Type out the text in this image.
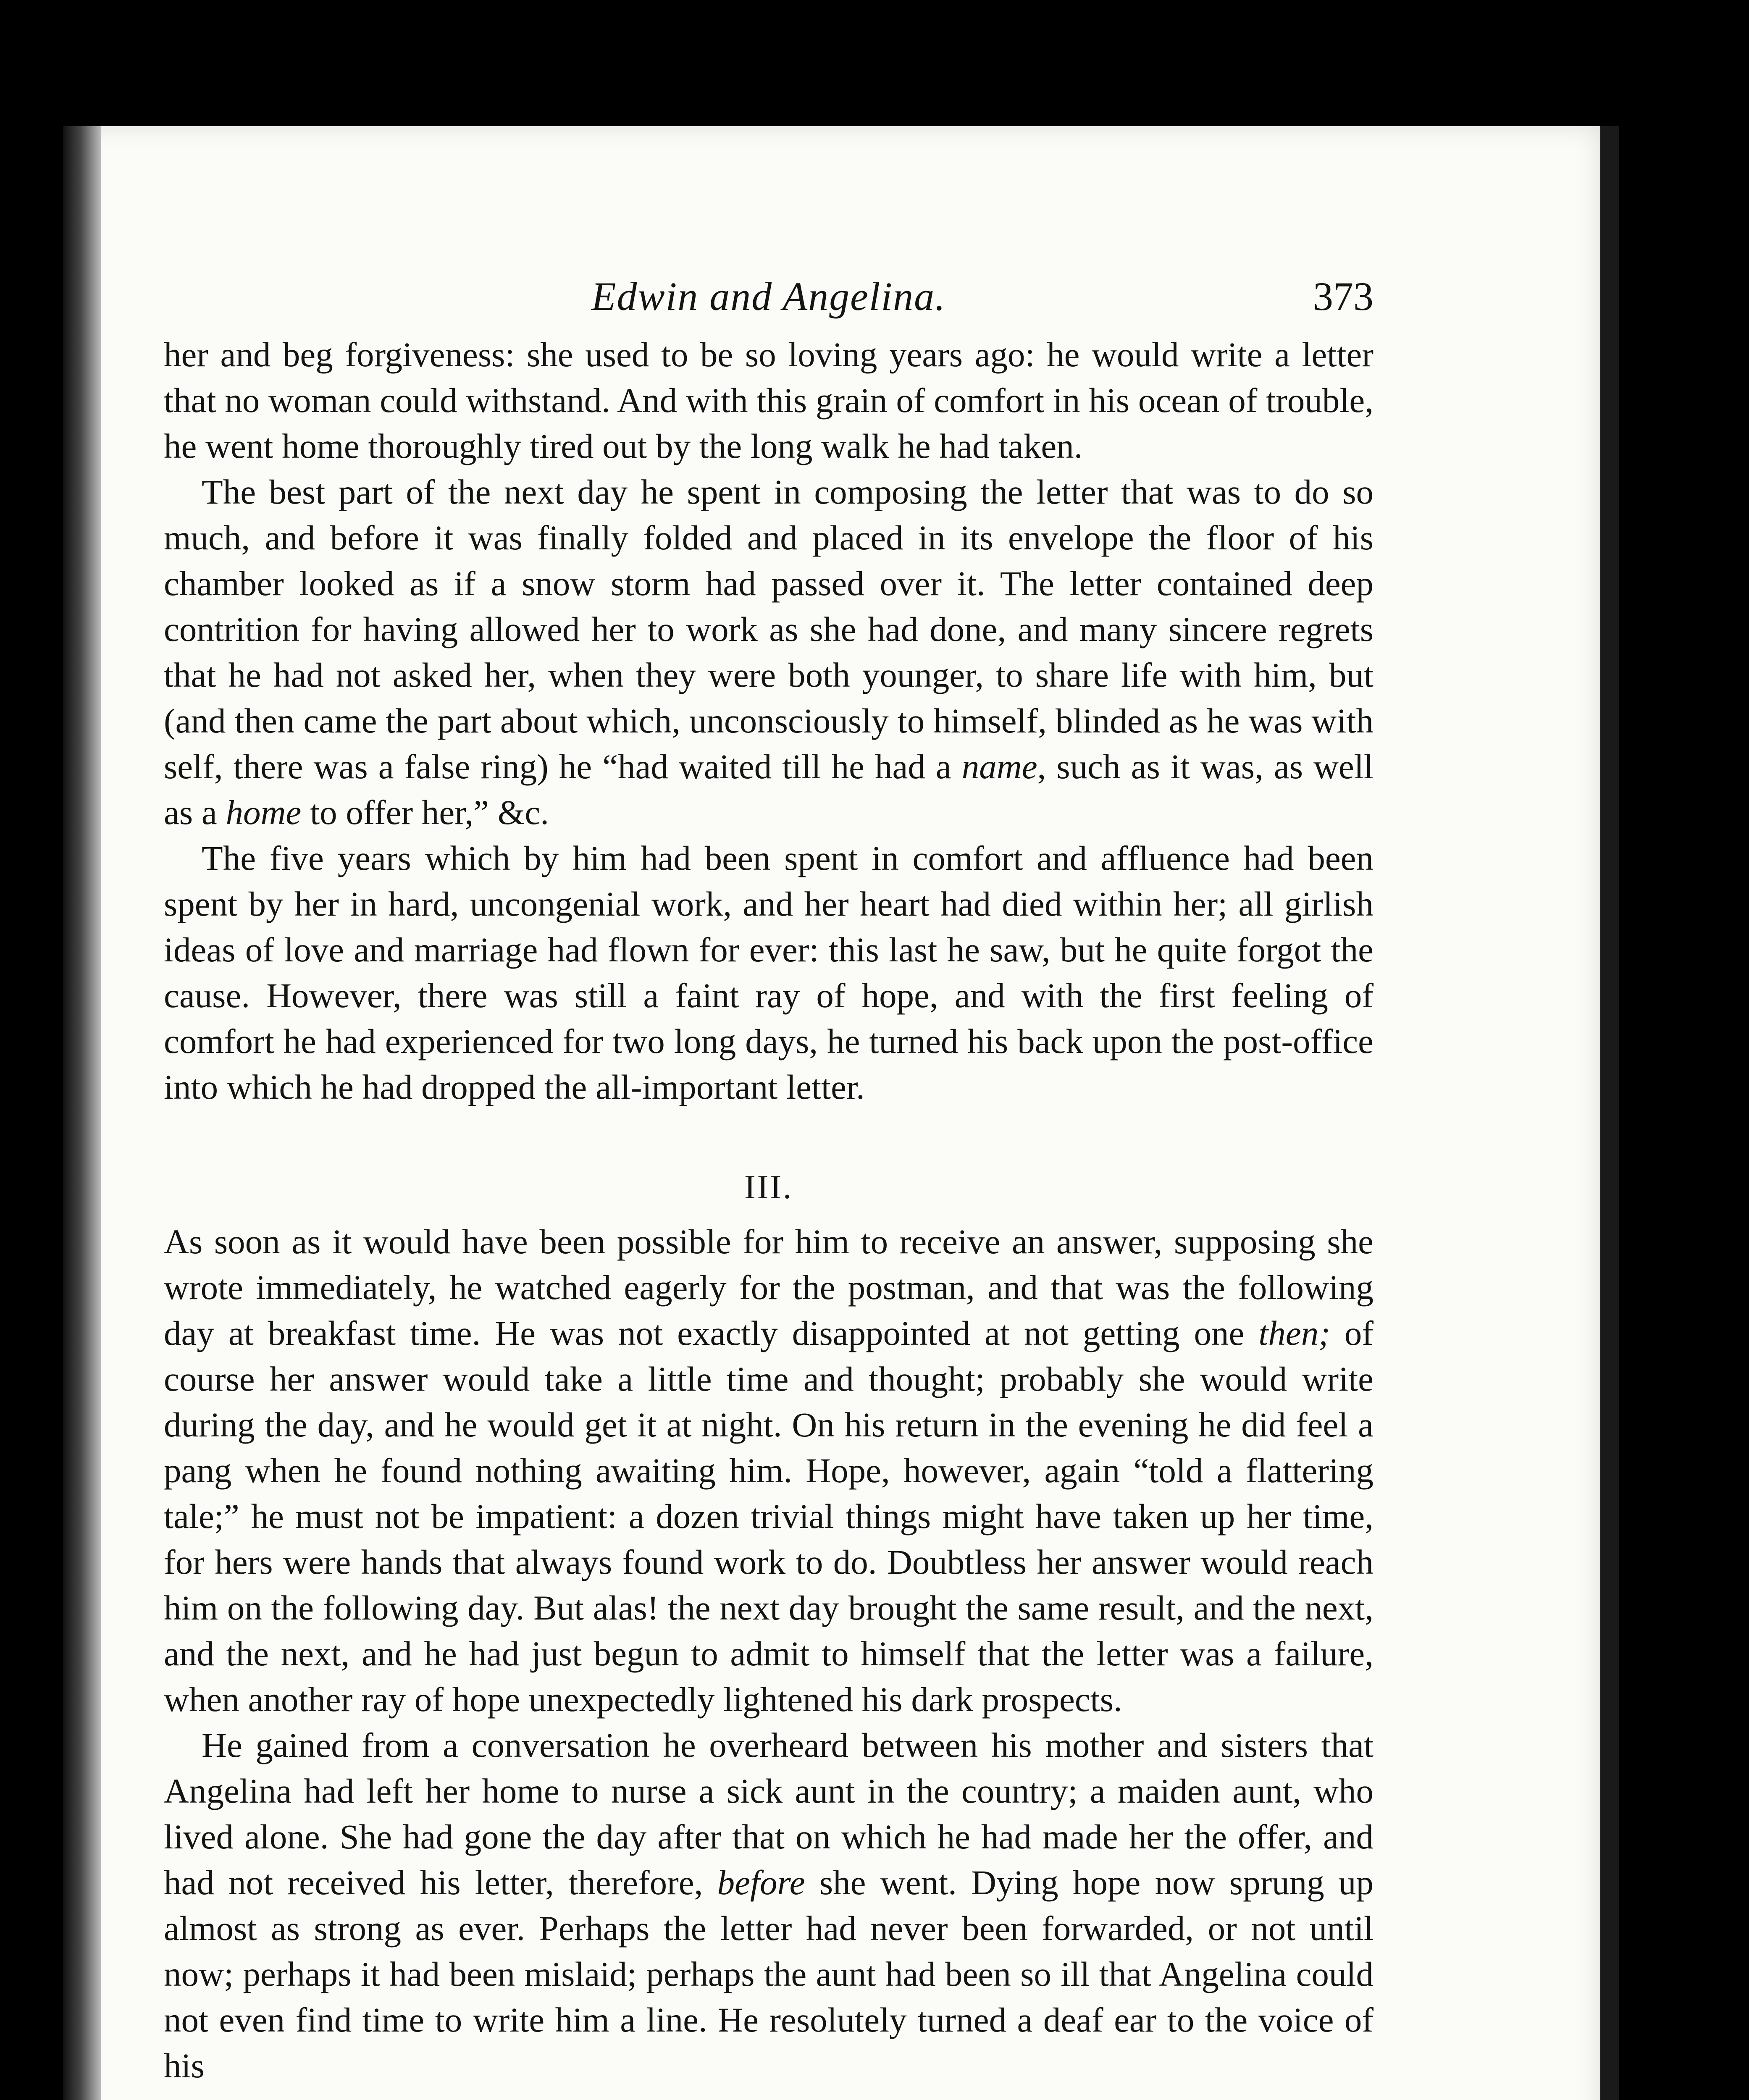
Edwin and Angelina.	373

her and beg forgiveness: she used to be so loving years ago: he would write a letter that no woman could withstand. And with this grain of comfort in his ocean of trouble, he went home thoroughly tired out by the long walk he had taken.

The best part of the next day he spent in composing the letter that was to do so much, and before it was finally folded and placed in its envelope the floor of his chamber looked as if a snow storm had passed over it. The letter contained deep contrition for having allowed her to work as she had done, and many sincere regrets that he had not asked her, when they were both younger, to share life with him, but (and then came the part about which, unconsciously to himself, blinded as he was with self, there was a false ring) he “had waited till he had a name, such as it was, as well as a home to offer her,” &c.

The five years which by him had been spent in comfort and affluence had been spent by her in hard, uncongenial work, and her heart had died within her; all girlish ideas of love and marriage had flown for ever: this last he saw, but he quite forgot the cause. However, there was still a faint ray of hope, and with the first feeling of comfort he had experienced for two long days, he turned his back upon the post-office into which he had dropped the all-important letter.

III.

As soon as it would have been possible for him to receive an answer, supposing she wrote immediately, he watched eagerly for the postman, and that was the following day at breakfast time. He was not exactly disappointed at not getting one then; of course her answer would take a little time and thought; probably she would write during the day, and he would get it at night. On his return in the evening he did feel a pang when he found nothing awaiting him. Hope, however, again “told a flattering tale;” he must not be impatient: a dozen trivial things might have taken up her time, for hers were hands that always found work to do. Doubtless her answer would reach him on the following day. But alas! the next day brought the same result, and the next, and the next, and he had just begun to admit to himself that the letter was a failure, when another ray of hope unexpectedly lightened his dark prospects.

He gained from a conversation he overheard between his mother and sisters that Angelina had left her home to nurse a sick aunt in the country; a maiden aunt, who lived alone. She had gone the day after that on which he had made her the offer, and had not received his letter, therefore, before she went. Dying hope now sprung up almost as strong as ever. Perhaps the letter had never been forwarded, or not until now; perhaps it had been mislaid; perhaps the aunt had been so ill that Angelina could not even find time to write him a line. He resolutely turned a deaf ear to the voice of his
